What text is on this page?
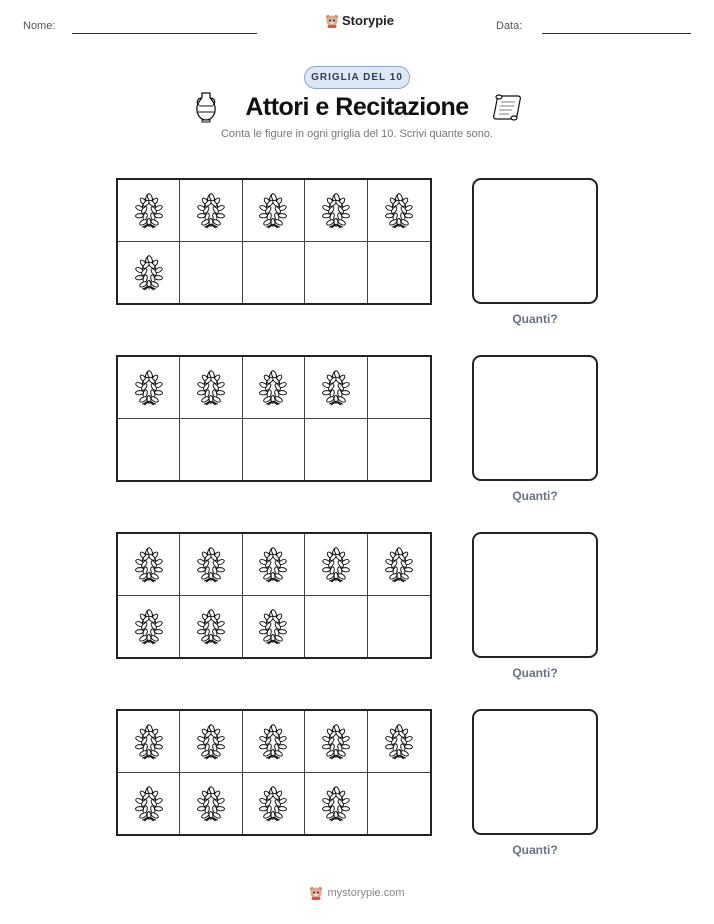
Nome:	Storypie	Data:
GRIGLIA DEL 10
Attori e Recitazione
Conta le figure in ogni griglia del 10. Scrivi quante sono.
Quanti?
Quanti?
Quanti?
Quanti?
mystorypie.com
